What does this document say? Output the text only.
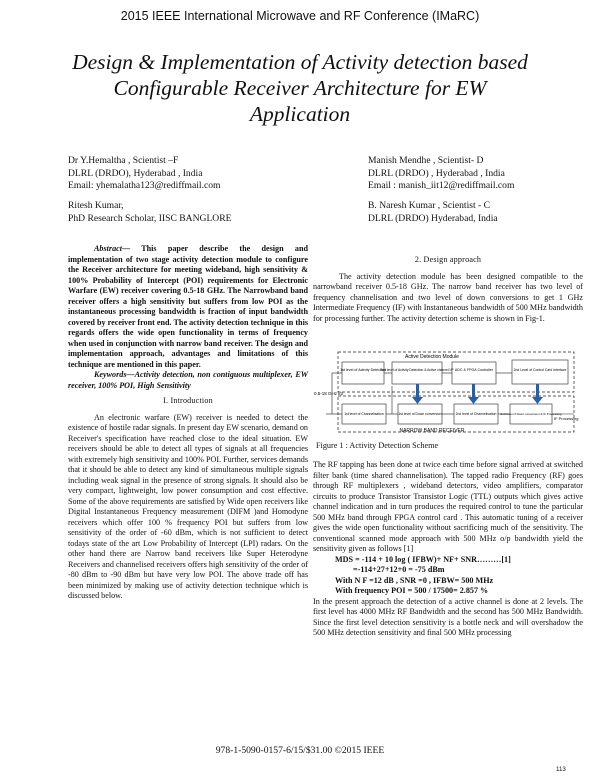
2015 IEEE International Microwave and RF Conference (IMaRC)
Design & Implementation of Activity detection based
Configurable Receiver Architecture for EW
Application
Dr Y.Hemaltha , Scientist –F
DLRL (DRDO), Hyderabad , India
Email: yhemalatha123@rediffmail.com
Manish Mendhe , Scientist- D
DLRL (DRDO) , Hyderabad , India
Email : manish_iit12@rediffmail.com
Ritesh Kumar,
PhD Research Scholar, IISC BANGLORE
B. Naresh Kumar , Scientist - C
DLRL (DRDO) Hyderabad, India

Abstract— This paper describe the design and implementation of two stage activity detection module to configure the Receiver architecture for meeting wideband, high sensitivity & 100% Probability of Intercept (POI) requirements for Electronic Warfare (EW) receiver covering 0.5-18 GHz. The Narrowband band receiver offers a high sensitivity but suffers from low POI as the instantaneous processing bandwidth is fraction of input bandwidth covered by receiver front end. The activity detection technique in this regards offers the wide open functionality in terms of frequency when used in conjunction with narrow band receiver. The design and implementation approach, advantages and limitations of this technique are mentioned in this paper.

Keywords—Activity detection, non contiguous multiplexer, EW receiver, 100% POI, High Sensitivity

I. Introduction

An electronic warfare (EW) receiver is needed to detect the existence of hostile radar signals. In present day EW scenario, demand on Receiver's specification have reached close to the ideal situation. EW receivers should be able to detect all types of signals at all frequencies with extremely high sensitivity and 100% POI. Further, services demands that it should be able to detect any kind of simultaneous multiple signals including weak signal in the presence of strong signals. It should also be very compact, lightweight, low power consumption and cost effective. Some of the above requirements are satisfied by Wide open receivers like Digital Instantaneous Frequency measurement (DIFM )and Homodyne receivers which offer 100 % frequency POI but suffers from low sensitivity of the order of -60 dBm, which is not sufficient to detect todays state of the art Low Probability of Intercept (LPI) radars. On the other hand there are Narrow band receivers like Super Heterodyne Receivers and channelised receivers offers high sensitivity of the order of -80 dBm to -90 dBm but have very low POI. The above trade off has been minimized by making use of activity detection technique which is discussed below.

2. Design approach

The activity detection module has been designed compatible to the narrowband receiver 0.5-18 GHz. The narrow band receiver has two level of frequency channelisation and two level of down conversions to get 1 GHz Intermediate Frequency (IF) with Instantaneous bandwidth of 500 MHz bandwidth for processing further. The activity detection scheme is shown in Fig-1.

Active Detection Module
NARROW BAND RECEIVER
0.5-18 GHz i/p
IF Processing
1st level of Activity Detection
2nd level of Activity Detection & Active channel I/P ADC & FPGA Controller	2nd Level of Control Card Interface
1st level of Channelisation	1st level of Down conversion	2nd level of Channelisation 2nd level of Down conversion & IF Processing
Figure 1 : Activity Detection Scheme

The RF tapping has been done at twice each time before signal arrived at switched filter bank (time shared channelisation). The tapped radio Frequency (RF) goes through RF multiplexers , wideband detectors, video amplifiers, comparator circuits to produce Transistor Transistor Logic (TTL) outputs which gives active channel indication and in turn produces the required control to tune the particular 500 MHz band through FPGA control card . This automatic tuning of a receiver gives the wide open functionality without sacrificing much of the sensitivity. The conventional scanned mode approach with 500 MHz o/p bandwidth yield the sensitivity given as follows [1]

MDS = -114 + 10 log ( IFBW)+ NF+ SNR………[1]
=-114+27+12+0 = -75 dBm
With N F =12 dB , SNR =0 , IFBW= 500 MHz
With frequency POI = 500 / 17500= 2.857 %

In the present approach the detection of a active channel is done at 2 levels. The first level has 4000 MHz RF Bandwidth and the second has 500 MHz Bandwidth. Since the first level detection sensitivity is a bottle neck and will overshadow the 500 MHz detection sensitivity and final 500 MHz processing

978-1-5090-0157-6/15/$31.00 ©2015 IEEE
113
